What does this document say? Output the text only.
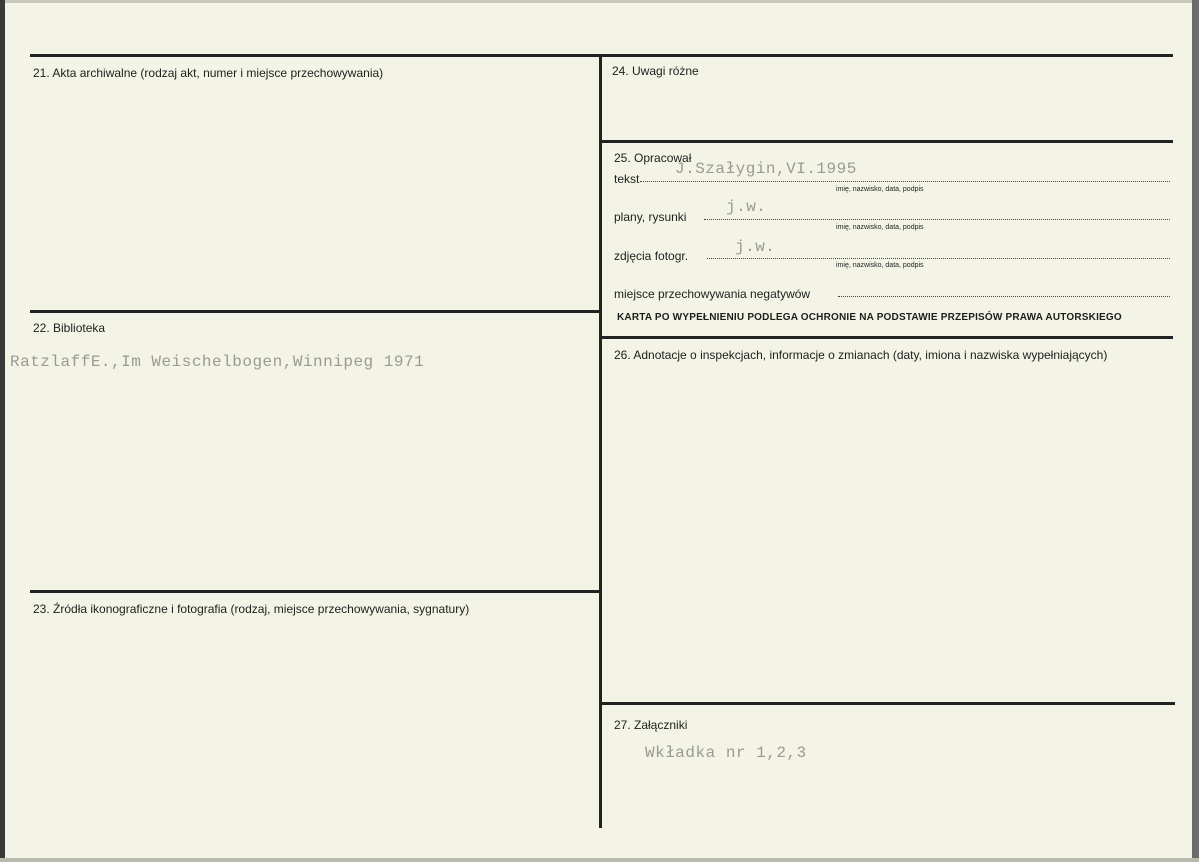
21. Akta archiwalne (rodzaj akt, numer i miejsce przechowywania)
22. Biblioteka
RatzlaffE.,Im Weischelbogen,Winnipeg 1971
23. Źródła ikonograficzne i fotografia (rodzaj, miejsce przechowywania, sygnatury)
24. Uwagi różne
25. Opracował
tekst
J.Szałygin,VI.1995
imię, nazwisko, data, podpis
plany, rysunki
j.w.
imię, nazwisko, data, podpis
zdjęcia fotogr.	j.w.
imię, nazwisko, data, podpis
miejsce przechowywania negatywów
KARTA PO WYPEŁNIENIU PODLEGA OCHRONIE NA PODSTAWIE PRZEPISÓW PRAWA AUTORSKIEGO
26. Adnotacje o inspekcjach, informacje o zmianach (daty, imiona i nazwiska wypełniających)
27. Załączniki
Wkładka nr 1,2,3
